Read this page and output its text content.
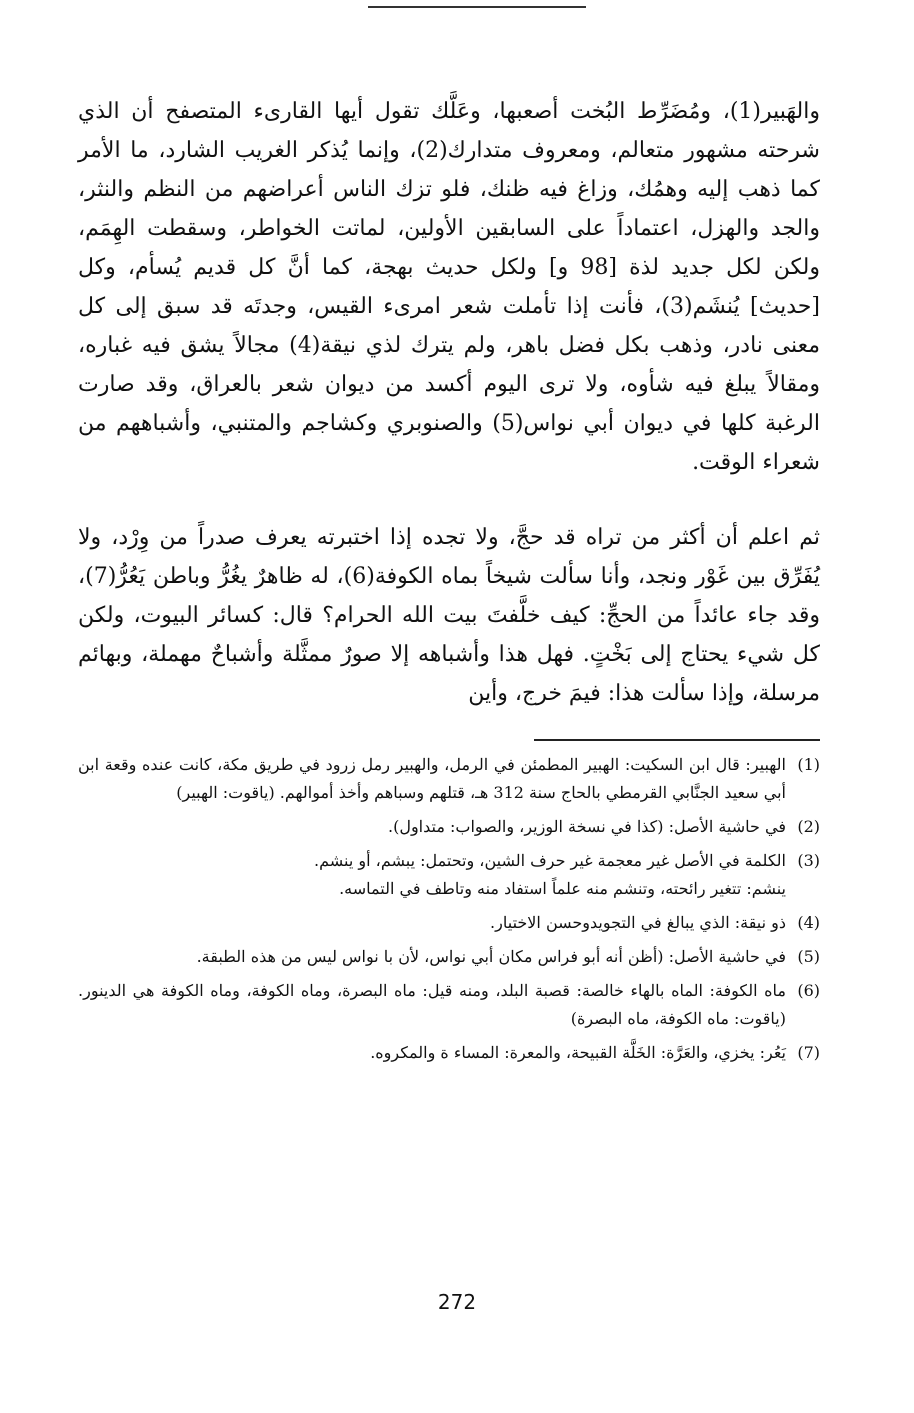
والهَبير(1)، ومُضَرِّط البُخت أصعبها، وعَلَّك تقول أيها القارىء المتصفح أن الذي شرحته مشهور متعالم، ومعروف متدارك(2)، وإنما يُذكر الغريب الشارد، ما الأمر كما ذهب إليه وهمُك، وزاغ فيه ظنك، فلو تزك الناس أعراضهم من النظم والنثر، والجد والهزل، اعتماداً على السابقين الأولين، لماتت الخواطر، وسقطت الهِمَم، ولكن لكل جديد لذة [98 و] ولكل حديث بهجة، كما أنَّ كل قديم يُسأم، وكل [حديث] يُنشَم(3)، فأنت إذا تأملت شعر امرىء القيس، وجدتَه قد سبق إلى كل معنى نادر، وذهب بكل فضل باهر، ولم يترك لذي نيقة(4) مجالاً يشق فيه غباره، ومقالاً يبلغ فيه شأوه، ولا ترى اليوم أكسد من ديوان شعر بالعراق، وقد صارت الرغبة كلها في ديوان أبي نواس(5) والصنوبري وكشاجم والمتنبي، وأشباههم من شعراء الوقت.

ثم اعلم أن أكثر من تراه قد حجَّ، ولا تجده إذا اختبرته يعرف صدراً من وِرْد، ولا يُفَرِّق بين غَوْر ونجد، وأنا سألت شيخاً بماه الكوفة(6)، له ظاهرٌ يغُرُّ وباطن يَعُرُّ(7)، وقد جاء عائداً من الحجِّ: كيف خلَّفتَ بيت الله الحرام؟ قال: كسائر البيوت، ولكن كل شيء يحتاج إلى بَخْتٍ. فهل هذا وأشباهه إلا صورٌ ممثَّلة وأشباحٌ مهملة، وبهائم مرسلة، وإذا سألت هذا: فيمَ خرج، وأين

(1)
الهبير: قال ابن السكيت: الهبير المطمئن في الرمل، والهبير رمل زرود في طريق مكة، كانت عنده وقعة ابن أبي سعيد الجنَّابي القرمطي بالحاج سنة 312 هـ، قتلهم وسباهم وأخذ أموالهم. (ياقوت: الهبير)
(2)
في حاشية الأصل: (كذا في نسخة الوزير، والصواب: متداول).
(3)
الكلمة في الأصل غير معجمة غير حرف الشين، وتحتمل: يبشم، أو ينشم.
ينشم: تتغير رائحته، وتنشم منه علماً استفاد منه وتاطف في التماسه.
(4)
ذو نيقة: الذي يبالغ في التجويدوحسن الاختيار.
(5)
في حاشية الأصل: (أظن أنه أبو فراس مكان أبي نواس، لأن با نواس ليس من هذه الطبقة.
(6)
ماه الكوفة: الماه بالهاء خالصة: قصبة البلد، ومنه قيل: ماه البصرة، وماه الكوفة، وماه الكوفة هي الدينور. (ياقوت: ماه الكوفة، ماه البصرة)
(7)
يَعُر: يخزي، والعَرَّة: الخَلَّة القبيحة، والمعرة: المساء ة والمكروه.
272
